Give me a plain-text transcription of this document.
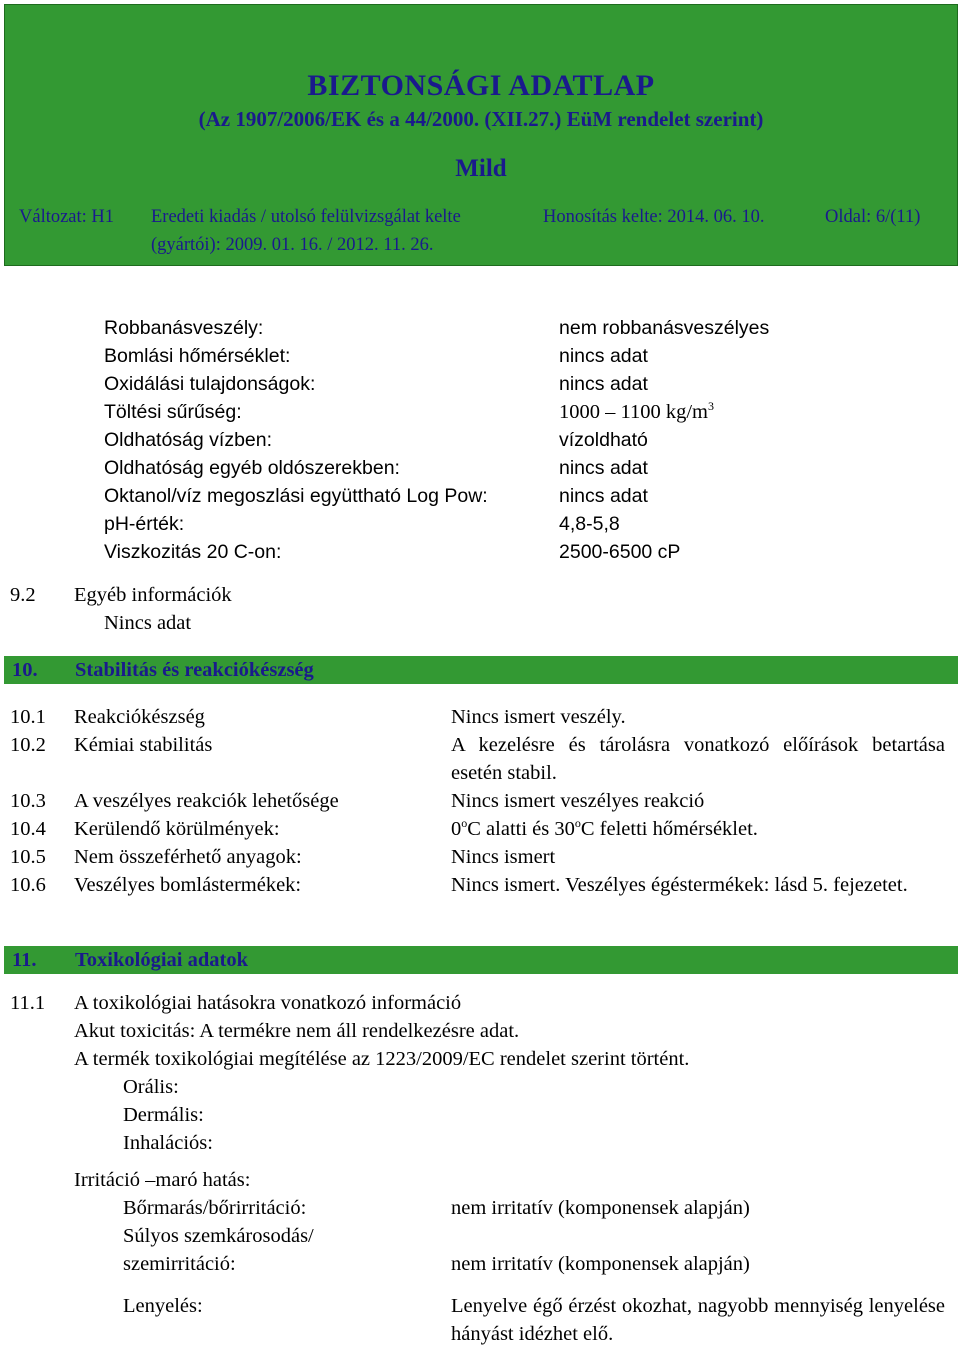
BIZTONSÁGI ADATLAP
(Az 1907/2006/EK és a 44/2000. (XII.27.) EüM rendelet szerint)
Mild
Változat: H1 Eredeti kiadás / utolsó felülvizsgálat kelte
(gyártói): 2009. 01. 16. / 2012. 11. 26.
Honosítás kelte: 2014. 06. 10.	Oldal: 6/(11)
Robbanásveszély:	nem robbanásveszélyes
Bomlási hőmérséklet:	nincs adat
Oxidálási tulajdonságok:	nincs adat
Töltési sűrűség:	1000 – 1100 $kg/m^3$
Oldhatóság vízben:	vízoldható
Oldhatóság egyéb oldószerekben:	nincs adat
Oktanol/víz megoszlási együttható Log Pow:	nincs adat
pH-érték:	4,8-5,8
Viszkozitás 20 C-on:	2500-6500 cP
9.2 Egyéb információk
Nincs adat
10. Stabilitás és reakciókészség
10.1 Reakciókészség	Nincs ismert veszély.
10.2 Kémiai stabilitás	A kezelésre és tárolásra vonatkozó előírások betartása esetén stabil.
10.3 A veszélyes reakciók lehetősége	Nincs ismert veszélyes reakció
10.4 Kerülendő körülmények:	0$^o$C alatti és 30$^o$C feletti hőmérséklet.
10.5 Nem összeférhető anyagok:	Nincs ismert
10.6 Veszélyes bomlástermékek:	Nincs ismert. Veszélyes égéstermékek: lásd 5. fejezetet.
11. Toxikológiai adatok
11.1 A toxikológiai hatásokra vonatkozó információ
Akut toxicitás: A termékre nem áll rendelkezésre adat.
A termék toxikológiai megítélése az 1223/2009/EC rendelet szerint történt.
Orális:
Dermális:
Inhalációs:
Irritáció –maró hatás:
Bőrmarás/bőrirritáció:	nem irritatív (komponensek alapján)
Súlyos szemkárosodás/
szemirritáció:	nem irritatív (komponensek alapján)
Lenyelés:	Lenyelve égő érzést okozhat, nagyobb mennyiség lenyelése hányást idézhet elő.
